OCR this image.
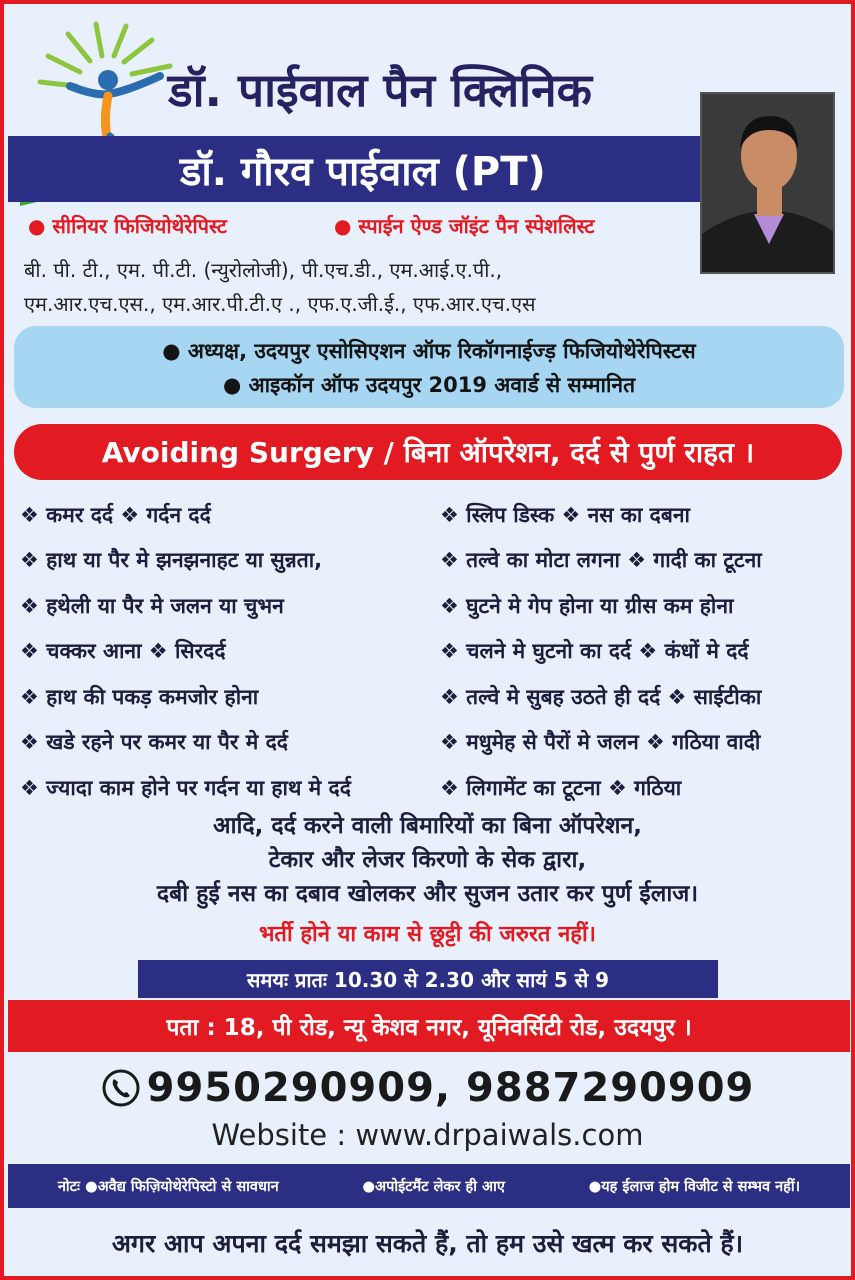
डॉ. पाईवाल पैन क्लिनिक
डॉ. गौरव पाईवाल (PT)
● सीनियर फिजियोथेरेपिस्ट	● स्पाईन ऐण्ड जॉइंट पैन स्पेशलिस्ट
बी. पी. टी., एम. पी.टी. (न्युरोलोजी), पी.एच.डी., एम.आई.ए.पी.,
एम.आर.एच.एस., एम.आर.पी.टी.ए ., एफ.ए.जी.ई., एफ.आर.एच.एस
● अध्यक्ष, उदयपुर एसोसिएशन ऑफ रिकॉगनाईज्ड़ फिजियोथेरेपिस्टस
● आइकॉन ऑफ उदयपुर 2019 अवार्ड से सम्मानित
Avoiding Surgery / बिना ऑपरेशन, दर्द से पुर्ण राहत ।
❖ कमर दर्द ❖ गर्दन दर्द
❖ हाथ या पैर मे झनझनाहट या सुन्नता,
❖ हथेली या पैर मे जलन या चुभन
❖ चक्कर आना ❖ सिरदर्द
❖ हाथ की पकड़ कमजोर होना
❖ खडे रहने पर कमर या पैर मे दर्द
❖ ज्यादा काम होने पर गर्दन या हाथ मे दर्द
❖ स्लिप डिस्क ❖ नस का दबना
❖ तल्वे का मोटा लगना ❖ गादी का टूटना
❖ घुटने मे गेप होना या ग्रीस कम होना
❖ चलने मे घुटनो का दर्द ❖ कंधों मे दर्द
❖ तल्वे मे सुबह उठते ही दर्द ❖ साईटीका
❖ मधुमेह से पैरों मे जलन ❖ गठिया वादी
❖ लिगामेंट का टूटना ❖ गठिया
आदि, दर्द करने वाली बिमारियों का बिना ऑपरेशन,
टेकार और लेजर किरणो के सेक द्वारा,
दबी हुई नस का दबाव खोलकर और सुजन उतार कर पुर्ण ईलाज।
भर्ती होने या काम से छूट्टी की जरुरत नहीं।
समयः प्रातः 10.30 से 2.30 और सायं 5 से 9
पता : 18, पी रोड, न्यू केशव नगर, यूनिवर्सिटी रोड, उदयपुर ।
9950290909, 9887290909
Website : www.drpaiwals.com
नोटः ●अवैद्य फिज़ियोथेरेपिस्टो से सावधान	●अपोईटमैंट लेकर ही आए	●यह ईलाज होम विजीट से सम्भव नहीं।
अगर आप अपना दर्द समझा सकते हैं, तो हम उसे खत्म कर सकते हैं।
